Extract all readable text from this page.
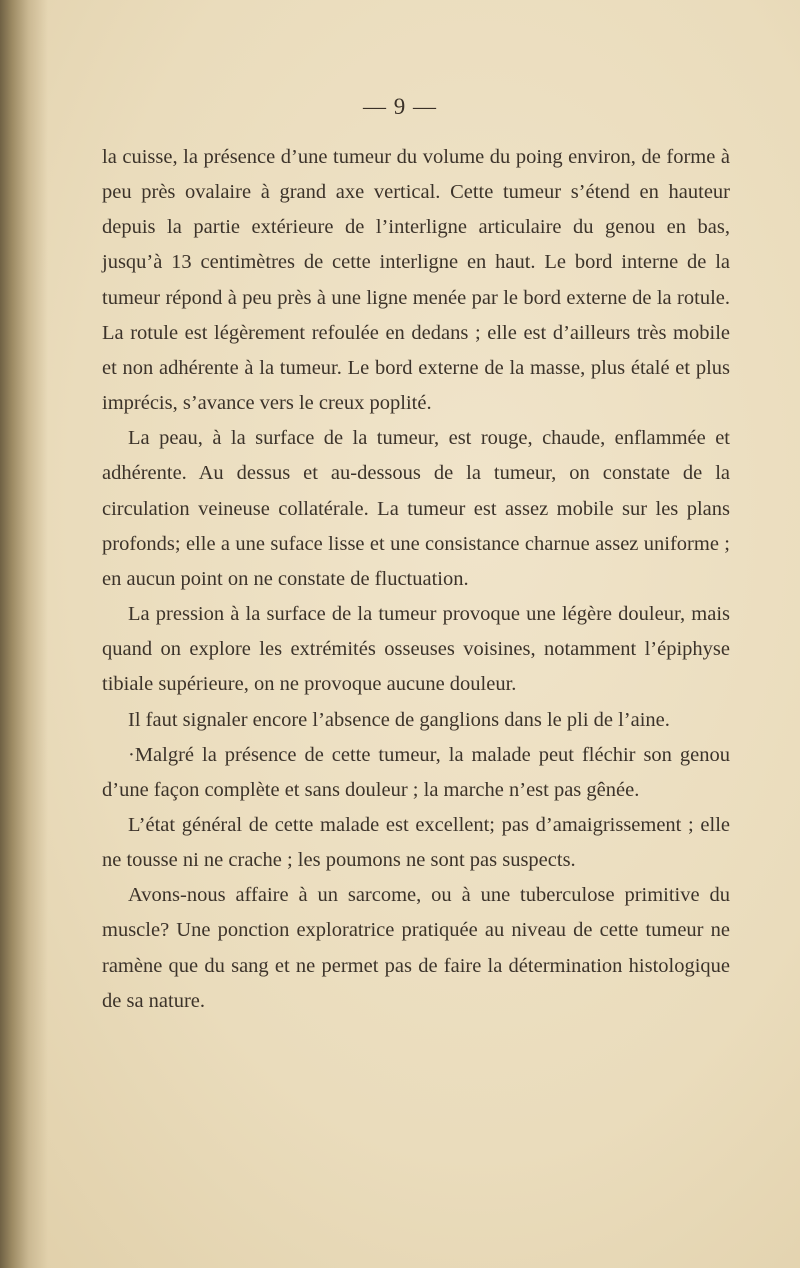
— 9 —

la cuisse, la présence d’une tumeur du volume du poing environ, de forme à peu près ovalaire à grand axe vertical. Cette tumeur s’étend en hauteur depuis la partie extérieure de l’interligne articulaire du genou en bas, jusqu’à 13 centimètres de cette interligne en haut. Le bord interne de la tumeur répond à peu près à une ligne menée par le bord externe de la rotule. La rotule est légèrement refoulée en dedans ; elle est d’ailleurs très mobile et non adhérente à la tumeur. Le bord externe de la masse, plus étalé et plus imprécis, s’avance vers le creux poplité.

La peau, à la surface de la tumeur, est rouge, chaude, enflammée et adhérente. Au dessus et au-dessous de la tumeur, on constate de la circulation veineuse collatérale. La tumeur est assez mobile sur les plans profonds; elle a une suface lisse et une consistance charnue assez uniforme ; en aucun point on ne constate de fluctuation.

La pression à la surface de la tumeur provoque une légère douleur, mais quand on explore les extrémités osseuses voisines, notamment l’épiphyse tibiale supérieure, on ne provoque aucune douleur.

Il faut signaler encore l’absence de ganglions dans le pli de l’aine.

·Malgré la présence de cette tumeur, la malade peut fléchir son genou d’une façon complète et sans douleur ; la marche n’est pas gênée.

L’état général de cette malade est excellent; pas d’amaigrissement ; elle ne tousse ni ne crache ; les poumons ne sont pas suspects.

Avons-nous affaire à un sarcome, ou à une tuberculose primitive du muscle? Une ponction exploratrice pratiquée au niveau de cette tumeur ne ramène que du sang et ne permet pas de faire la détermination histologique de sa nature.
